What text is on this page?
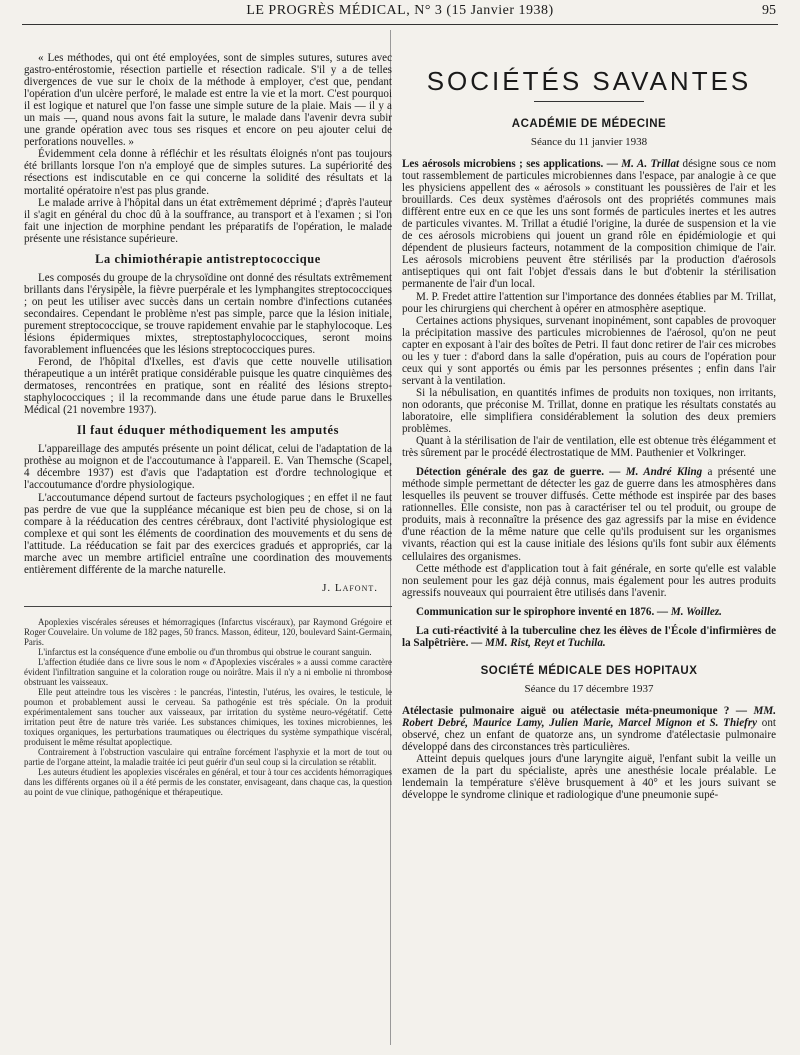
LE PROGRÈS MÉDICAL, N° 3 (15 Janvier 1938)	95

« Les méthodes, qui ont été employées, sont de simples sutures, sutures avec gastro-entérostomie, résection partielle et résection radicale. S'il y a de telles divergences de vue sur le choix de la méthode à employer, c'est que, pendant l'opération d'un ulcère perforé, le malade est entre la vie et la mort. C'est pourquoi il est logique et naturel que l'on fasse une simple suture de la plaie. Mais — il y a un mais —, quand nous avons fait la suture, le malade dans l'avenir devra subir une grande opération avec tous ses risques et encore on peu ajouter celui de perforations nouvelles. »

Évidemment cela donne à réfléchir et les résultats éloignés n'ont pas toujours été brillants lorsque l'on n'a employé que de simples sutures. La supériorité des résections est indiscutable en ce qui concerne la solidité des résultats et la mortalité opératoire n'est pas plus grande.

Le malade arrive à l'hôpital dans un état extrêmement déprimé ; d'après l'auteur il s'agit en général du choc dû à la souffrance, au transport et à l'examen ; si l'on fait une injection de morphine pendant les préparatifs de l'opération, le malade présente une résistance supérieure.

La chimiothérapie antistreptococcique

Les composés du groupe de la chrysoïdine ont donné des résultats extrêmement brillants dans l'érysipèle, la fièvre puerpérale et les lymphangites streptococciques ; on peut les utiliser avec succès dans un certain nombre d'infections cutanées secondaires. Cependant le problème n'est pas simple, parce que la lésion initiale, purement streptococcique, se trouve rapidement envahie par le staphylocoque. Les lésions épidermiques mixtes, streptostaphylococciques, seront moins favorablement influencées que les lésions streptococciques pures.

Ferond, de l'hôpital d'Ixelles, est d'avis que cette nouvelle utilisation thérapeutique a un intérêt pratique considérable puisque les quatre cinquièmes des dermatoses, rencontrées en pratique, sont en réalité des lésions strepto-staphylococciques ; il la recommande dans une étude parue dans le Bruxelles Médical (21 novembre 1937).

Il faut éduquer méthodiquement les amputés

L'appareillage des amputés présente un point délicat, celui de l'adaptation de la prothèse au moignon et de l'accoutumance à l'appareil. E. Van Themsche (Scapel, 4 décembre 1937) est d'avis que l'adaptation est d'ordre technologique et l'accoutumance d'ordre physiologique.

L'accoutumance dépend surtout de facteurs psychologiques ; en effet il ne faut pas perdre de vue que la suppléance mécanique est bien peu de chose, si on la compare à la rééducation des centres cérébraux, dont l'activité physiologique est complexe et qui sont les éléments de coordination des mouvements et du sens de l'attitude. La rééducation se fait par des exercices gradués et appropriés, car la marche avec un membre artificiel entraîne une coordination des mouvements entièrement différente de la marche naturelle.

J. Lafont.

Apoplexies viscérales séreuses et hémorragiques (Infarctus viscéraux), par Raymond Grégoire et Roger Couvelaire. Un volume de 182 pages, 50 francs. Masson, éditeur, 120, boulevard Saint-Germain, Paris.

L'infarctus est la conséquence d'une embolie ou d'un thrombus qui obstrue le courant sanguin.

L'affection étudiée dans ce livre sous le nom « d'Apoplexies viscérales » a aussi comme caractère évident l'infiltration sanguine et la coloration rouge ou noirâtre. Mais il n'y a ni embolie ni thrombose obstruant les vaisseaux.

Elle peut atteindre tous les viscères : le pancréas, l'intestin, l'utérus, les ovaires, le testicule, le poumon et probablement aussi le cerveau. Sa pathogénie est très spéciale. On la produit expérimentalement sans toucher aux vaisseaux, par irritation du système neuro-végétatif. Cette irritation peut être de nature très variée. Les substances chimiques, les toxines microbiennes, les toxiques organiques, les perturbations traumatiques ou électriques du système sympathique viscéral, produisent le même résultat apoplectique.

Contrairement à l'obstruction vasculaire qui entraîne forcément l'asphyxie et la mort de tout ou partie de l'organe atteint, la maladie traitée ici peut guérir d'un seul coup si la circulation se rétablit.

Les auteurs étudient les apoplexies viscérales en général, et tour à tour ces accidents hémorragiques dans les différents organes où il a été permis de les constater, envisageant, dans chaque cas, la question au point de vue clinique, pathogénique et thérapeutique.

SOCIÉTÉS SAVANTES
ACADÉMIE DE MÉDECINE
Séance du 11 janvier 1938

Les aérosols microbiens ; ses applications. — M. A. Trillat désigne sous ce nom tout rassemblement de particules microbiennes dans l'espace, par analogie à ce que les physiciens appellent des « aérosols » constituant les poussières de l'air et les brouillards. Ces deux systèmes d'aérosols ont des propriétés communes mais diffèrent entre eux en ce que les uns sont formés de particules inertes et les autres de particules vivantes. M. Trillat a étudié l'origine, la durée de suspension et la vie de ces aérosols microbiens qui jouent un grand rôle en épidémiologie et qui dépendent de plusieurs facteurs, notamment de la composition chimique de l'air. Les aérosols microbiens peuvent être stérilisés par la production d'aérosols antiseptiques qui ont fait l'objet d'essais dans le but d'obtenir la stérilisation permanente de l'air d'un local.

M. P. Fredet attire l'attention sur l'importance des données établies par M. Trillat, pour les chirurgiens qui cherchent à opérer en atmosphère aseptique.

Certaines actions physiques, survenant inopinément, sont capables de provoquer la précipitation massive des particules microbiennes de l'aérosol, qu'on ne peut capter en exposant à l'air des boîtes de Petri. Il faut donc retirer de l'air ces microbes ou les y tuer : d'abord dans la salle d'opération, puis au cours de l'opération pour ceux qui y sont apportés ou émis par les personnes présentes ; enfin dans l'air servant à la ventilation.

Si la nébulisation, en quantités infimes de produits non toxiques, non irritants, non odorants, que préconise M. Trillat, donne en pratique les résultats constatés au laboratoire, elle simplifiera considérablement la solution des deux premiers problèmes.

Quant à la stérilisation de l'air de ventilation, elle est obtenue très élégamment et très sûrement par le procédé électrostatique de MM. Pauthenier et Volkringer.

Détection générale des gaz de guerre. — M. André Kling a présenté une méthode simple permettant de détecter les gaz de guerre dans les atmosphères dans lesquelles ils peuvent se trouver diffusés. Cette méthode est inspirée par des bases rationnelles. Elle consiste, non pas à caractériser tel ou tel produit, ou groupe de produits, mais à reconnaître la présence des gaz agressifs par la mise en évidence d'une réaction de la même nature que celle qu'ils produisent sur les organismes vivants, réaction qui est la cause initiale des lésions qu'ils font subir aux éléments cellulaires des organismes.

Cette méthode est d'application tout à fait générale, en sorte qu'elle est valable non seulement pour les gaz déjà connus, mais également pour les autres produits agressifs nouveaux qui pourraient être utilisés dans l'avenir.

Communication sur le spirophore inventé en 1876. — M. Woillez.

La cuti-réactivité à la tuberculine chez les élèves de l'École d'infirmières de la Salpêtrière. — MM. Rist, Reyt et Tuchila.

SOCIÉTÉ MÉDICALE DES HOPITAUX
Séance du 17 décembre 1937

Atélectasie pulmonaire aiguë ou atélectasie méta-pneumonique ? — MM. Robert Debré, Maurice Lamy, Julien Marie, Marcel Mignon et S. Thiefry ont observé, chez un enfant de quatorze ans, un syndrome d'atélectasie pulmonaire développé dans des circonstances très particulières.

Atteint depuis quelques jours d'une laryngite aiguë, l'enfant subit la veille un examen de la part du spécialiste, après une anesthésie locale préalable. Le lendemain la température s'élève brusquement à 40° et les jours suivant se développe le syndrome clinique et radiologique d'une pneumonie supé-
